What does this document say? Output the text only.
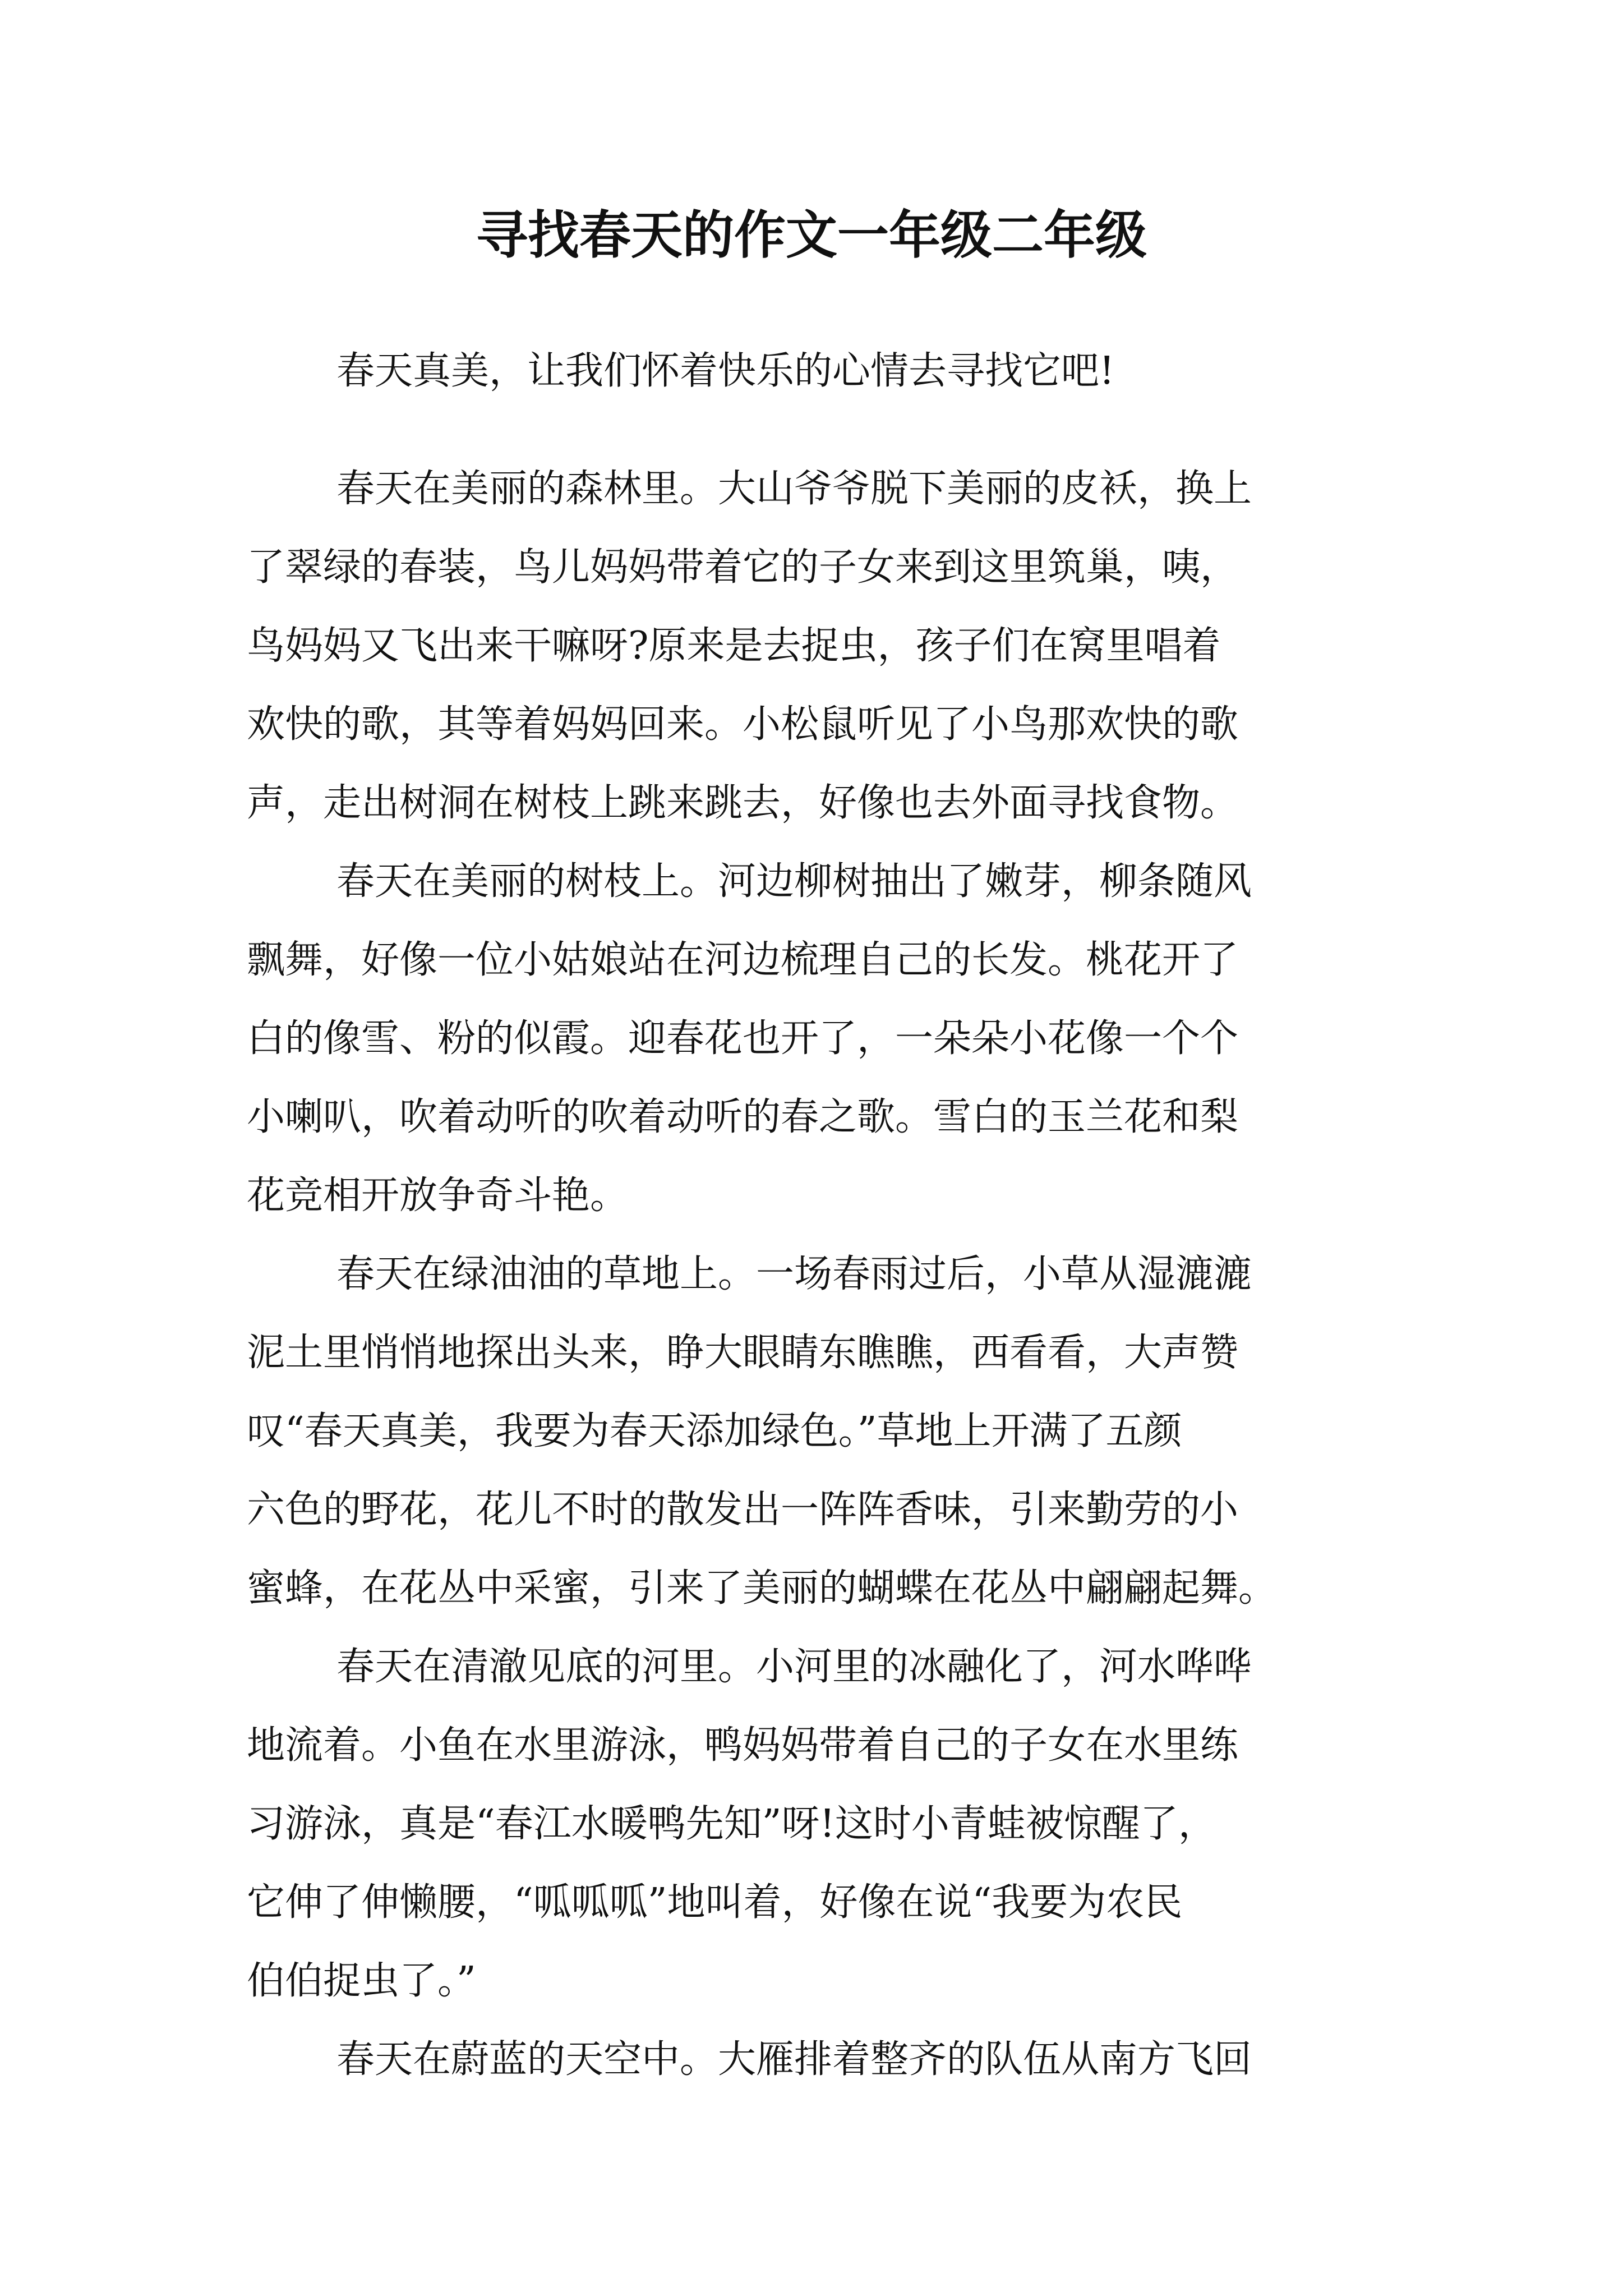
寻找春天的作文一年级二年级

春天真美，让我们怀着快乐的心情去寻找它吧!

春天在美丽的森林里。大山爷爷脱下美丽的皮袄，换上

了翠绿的春装，鸟儿妈妈带着它的子女来到这里筑巢，咦，

鸟妈妈又飞出来干嘛呀?原来是去捉虫，孩子们在窝里唱着

欢快的歌，其等着妈妈回来。小松鼠听见了小鸟那欢快的歌

声，走出树洞在树枝上跳来跳去，好像也去外面寻找食物。

春天在美丽的树枝上。河边柳树抽出了嫩芽，柳条随风

飘舞，好像一位小姑娘站在河边梳理自己的长发。桃花开了

白的像雪、粉的似霞。迎春花也开了，一朵朵小花像一个个

小喇叭，吹着动听的吹着动听的春之歌。雪白的玉兰花和梨

花竞相开放争奇斗艳。

春天在绿油油的草地上。一场春雨过后，小草从湿漉漉

泥土里悄悄地探出头来，睁大眼睛东瞧瞧，西看看，大声赞

叹“春天真美，我要为春天添加绿色。”草地上开满了五颜

六色的野花，花儿不时的散发出一阵阵香味，引来勤劳的小

蜜蜂，在花丛中采蜜，引来了美丽的蝴蝶在花丛中翩翩起舞。

春天在清澈见底的河里。小河里的冰融化了，河水哗哗

地流着。小鱼在水里游泳，鸭妈妈带着自己的子女在水里练

习游泳，真是“春江水暖鸭先知”呀!这时小青蛙被惊醒了，

它伸了伸懒腰，“呱呱呱”地叫着，好像在说“我要为农民

伯伯捉虫了。”

春天在蔚蓝的天空中。大雁排着整齐的队伍从南方飞回
